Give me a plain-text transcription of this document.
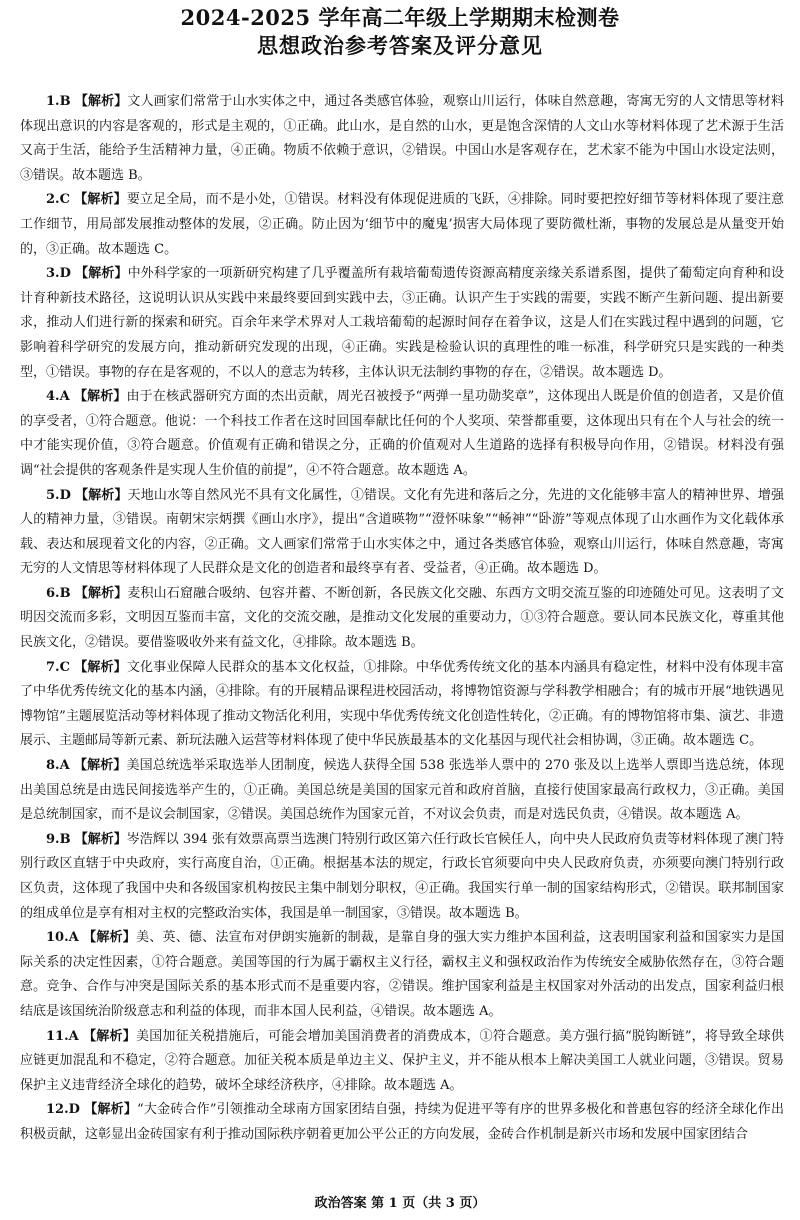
2024-2025 学年高二年级上学期期末检测卷
思想政治参考答案及评分意见

1.B 【解析】文人画家们常常于山水实体之中，通过各类感官体验，观察山川运行，体味自然意趣，寄寓无穷的人文情思等材料体现出意识的内容是客观的，形式是主观的，①正确。此山水，是自然的山水，更是饱含深情的人文山水等材料体现了艺术源于生活又高于生活，能给予生活精神力量，④正确。物质不依赖于意识，②错误。中国山水是客观存在，艺术家不能为中国山水设定法则，③错误。故本题选 B。

2.C 【解析】要立足全局，而不是小处，①错误。材料没有体现促进质的飞跃，④排除。同时要把控好细节等材料体现了要注意工作细节，用局部发展推动整体的发展，②正确。防止因为‘细节中的魔鬼’损害大局体现了要防微杜渐，事物的发展总是从量变开始的，③正确。故本题选 C。

3.D 【解析】中外科学家的一项新研究构建了几乎覆盖所有栽培葡萄遗传资源高精度亲缘关系谱系图，提供了葡萄定向育种和设计育种新技术路径，这说明认识从实践中来最终要回到实践中去，③正确。认识产生于实践的需要，实践不断产生新问题、提出新要求，推动人们进行新的探索和研究。百余年来学术界对人工栽培葡萄的起源时间存在着争议，这是人们在实践过程中遇到的问题，它影响着科学研究的发展方向，推动新研究发现的出现，④正确。实践是检验认识的真理性的唯一标准，科学研究只是实践的一种类型，①错误。事物的存在是客观的，不以人的意志为转移，主体认识无法制约事物的存在，②错误。故本题选 D。

4.A 【解析】由于在核武器研究方面的杰出贡献，周光召被授予“两弹一星功勋奖章”，这体现出人既是价值的创造者，又是价值的享受者，①符合题意。他说：一个科技工作者在这时回国奉献比任何的个人奖项、荣誉都重要，这体现出只有在个人与社会的统一中才能实现价值，③符合题意。价值观有正确和错误之分，正确的价值观对人生道路的选择有积极导向作用，②错误。材料没有强调“社会提供的客观条件是实现人生价值的前提”，④不符合题意。故本题选 A。

5.D 【解析】天地山水等自然风光不具有文化属性，①错误。文化有先进和落后之分，先进的文化能够丰富人的精神世界、增强人的精神力量，③错误。南朝宋宗炳撰《画山水序》，提出“含道暎物”“澄怀味象”“畅神”“卧游”等观点体现了山水画作为文化载体承载、表达和展现着文化的内容，②正确。文人画家们常常于山水实体之中，通过各类感官体验，观察山川运行，体味自然意趣，寄寓无穷的人文情思等材料体现了人民群众是文化的创造者和最终享有者、受益者，④正确。故本题选 D。

6.B 【解析】麦积山石窟融合吸纳、包容并蓄、不断创新，各民族文化交融、东西方文明交流互鉴的印迹随处可见。这表明了文明因交流而多彩，文明因互鉴而丰富，文化的交流交融，是推动文化发展的重要动力，①③符合题意。要认同本民族文化，尊重其他民族文化，②错误。要借鉴吸收外来有益文化，④排除。故本题选 B。

7.C 【解析】文化事业保障人民群众的基本文化权益，①排除。中华优秀传统文化的基本内涵具有稳定性，材料中没有体现丰富了中华优秀传统文化的基本内涵，④排除。有的开展精品课程进校园活动，将博物馆资源与学科教学相融合；有的城市开展“地铁遇见博物馆”主题展览活动等材料体现了推动文物活化利用，实现中华优秀传统文化创造性转化，②正确。有的博物馆将市集、演艺、非遗展示、主题邮局等新元素、新玩法融入运营等材料体现了使中华民族最基本的文化基因与现代社会相协调，③正确。故本题选 C。

8.A 【解析】美国总统选举采取选举人团制度，候选人获得全国 538 张选举人票中的 270 张及以上选举人票即当选总统，体现出美国总统是由选民间接选举产生的，①正确。美国总统是美国的国家元首和政府首脑，直接行使国家最高行政权力，③正确。美国是总统制国家，而不是议会制国家，②错误。美国总统作为国家元首，不对议会负责，而是对选民负责，④错误。故本题选 A。

9.B 【解析】岑浩辉以 394 张有效票高票当选澳门特别行政区第六任行政长官候任人，向中央人民政府负责等材料体现了澳门特别行政区直辖于中央政府，实行高度自治，①正确。根据基本法的规定，行政长官须要向中央人民政府负责，亦须要向澳门特别行政区负责，这体现了我国中央和各级国家机构按民主集中制划分职权，④正确。我国实行单一制的国家结构形式，②错误。联邦制国家的组成单位是享有相对主权的完整政治实体，我国是单一制国家，③错误。故本题选 B。

10.A 【解析】美、英、德、法宣布对伊朗实施新的制裁，是靠自身的强大实力维护本国利益，这表明国家利益和国家实力是国际关系的决定性因素，①符合题意。美国等国的行为属于霸权主义行径，霸权主义和强权政治作为传统安全威胁依然存在，③符合题意。竞争、合作与冲突是国际关系的基本形式而不是重要内容，②错误。维护国家利益是主权国家对外活动的出发点，国家利益归根结底是该国统治阶级意志和利益的体现，而非本国人民利益，④错误。故本题选 A。

11.A 【解析】美国加征关税措施后，可能会增加美国消费者的消费成本，①符合题意。美方强行搞“脱钩断链”，将导致全球供应链更加混乱和不稳定，②符合题意。加征关税本质是单边主义、保护主义，并不能从根本上解决美国工人就业问题，③错误。贸易保护主义违背经济全球化的趋势，破坏全球经济秩序，④排除。故本题选 A。

12.D 【解析】“大金砖合作”引领推动全球南方国家团结自强，持续为促进平等有序的世界多极化和普惠包容的经济全球化作出积极贡献，这彰显出金砖国家有利于推动国际秩序朝着更加公平公正的方向发展，金砖合作机制是新兴市场和发展中国家团结合

政治答案 第 1 页（共 3 页）
